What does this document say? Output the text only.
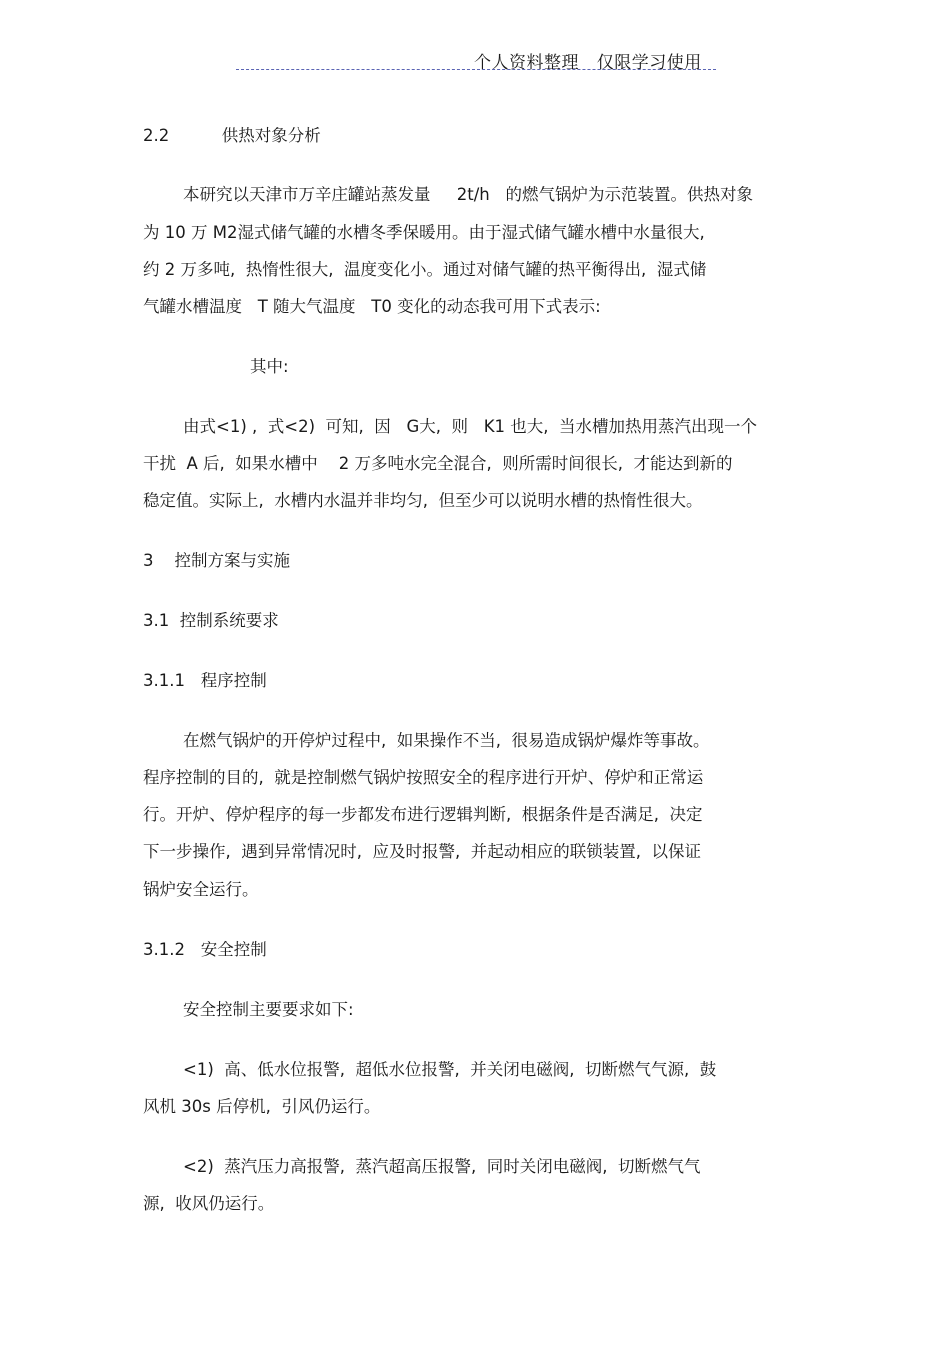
个人资料整理   仅限学习使用
2.2          供热对象分析
本研究以天津市万辛庄罐站蒸发量     2t/h   的燃气锅炉为示范装置。供热对象
为 10 万 M2湿式储气罐的水槽冬季保暖用。由于湿式储气罐水槽中水量很大,
约 2 万多吨,  热惰性很大,  温度变化小。通过对储气罐的热平衡得出,  湿式储
气罐水槽温度   T 随大气温度   T0 变化的动态我可用下式表示:
其中:
由式<1) ,  式<2)  可知,  因   G大,  则   K1 也大,  当水槽加热用蒸汽出现一个
干扰  A 后,  如果水槽中    2 万多吨水完全混合,  则所需时间很长,  才能达到新的
稳定值。实际上,  水槽内水温并非均匀,  但至少可以说明水槽的热惰性很大。
3    控制方案与实施
3.1  控制系统要求
3.1.1   程序控制
在燃气锅炉的开停炉过程中,  如果操作不当,  很易造成锅炉爆炸等事故。
程序控制的目的,  就是控制燃气锅炉按照安全的程序进行开炉、停炉和正常运
行。开炉、停炉程序的每一步都发布进行逻辑判断,  根据条件是否满足,  决定
下一步操作,  遇到异常情况时,  应及时报警,  并起动相应的联锁装置,  以保证
锅炉安全运行。
3.1.2   安全控制
安全控制主要要求如下:
<1)  高、低水位报警,  超低水位报警,  并关闭电磁阀,  切断燃气气源,  鼓
风机 30s 后停机,  引风仍运行。
<2)  蒸汽压力高报警,  蒸汽超高压报警,  同时关闭电磁阀,  切断燃气气
源,  收风仍运行。
